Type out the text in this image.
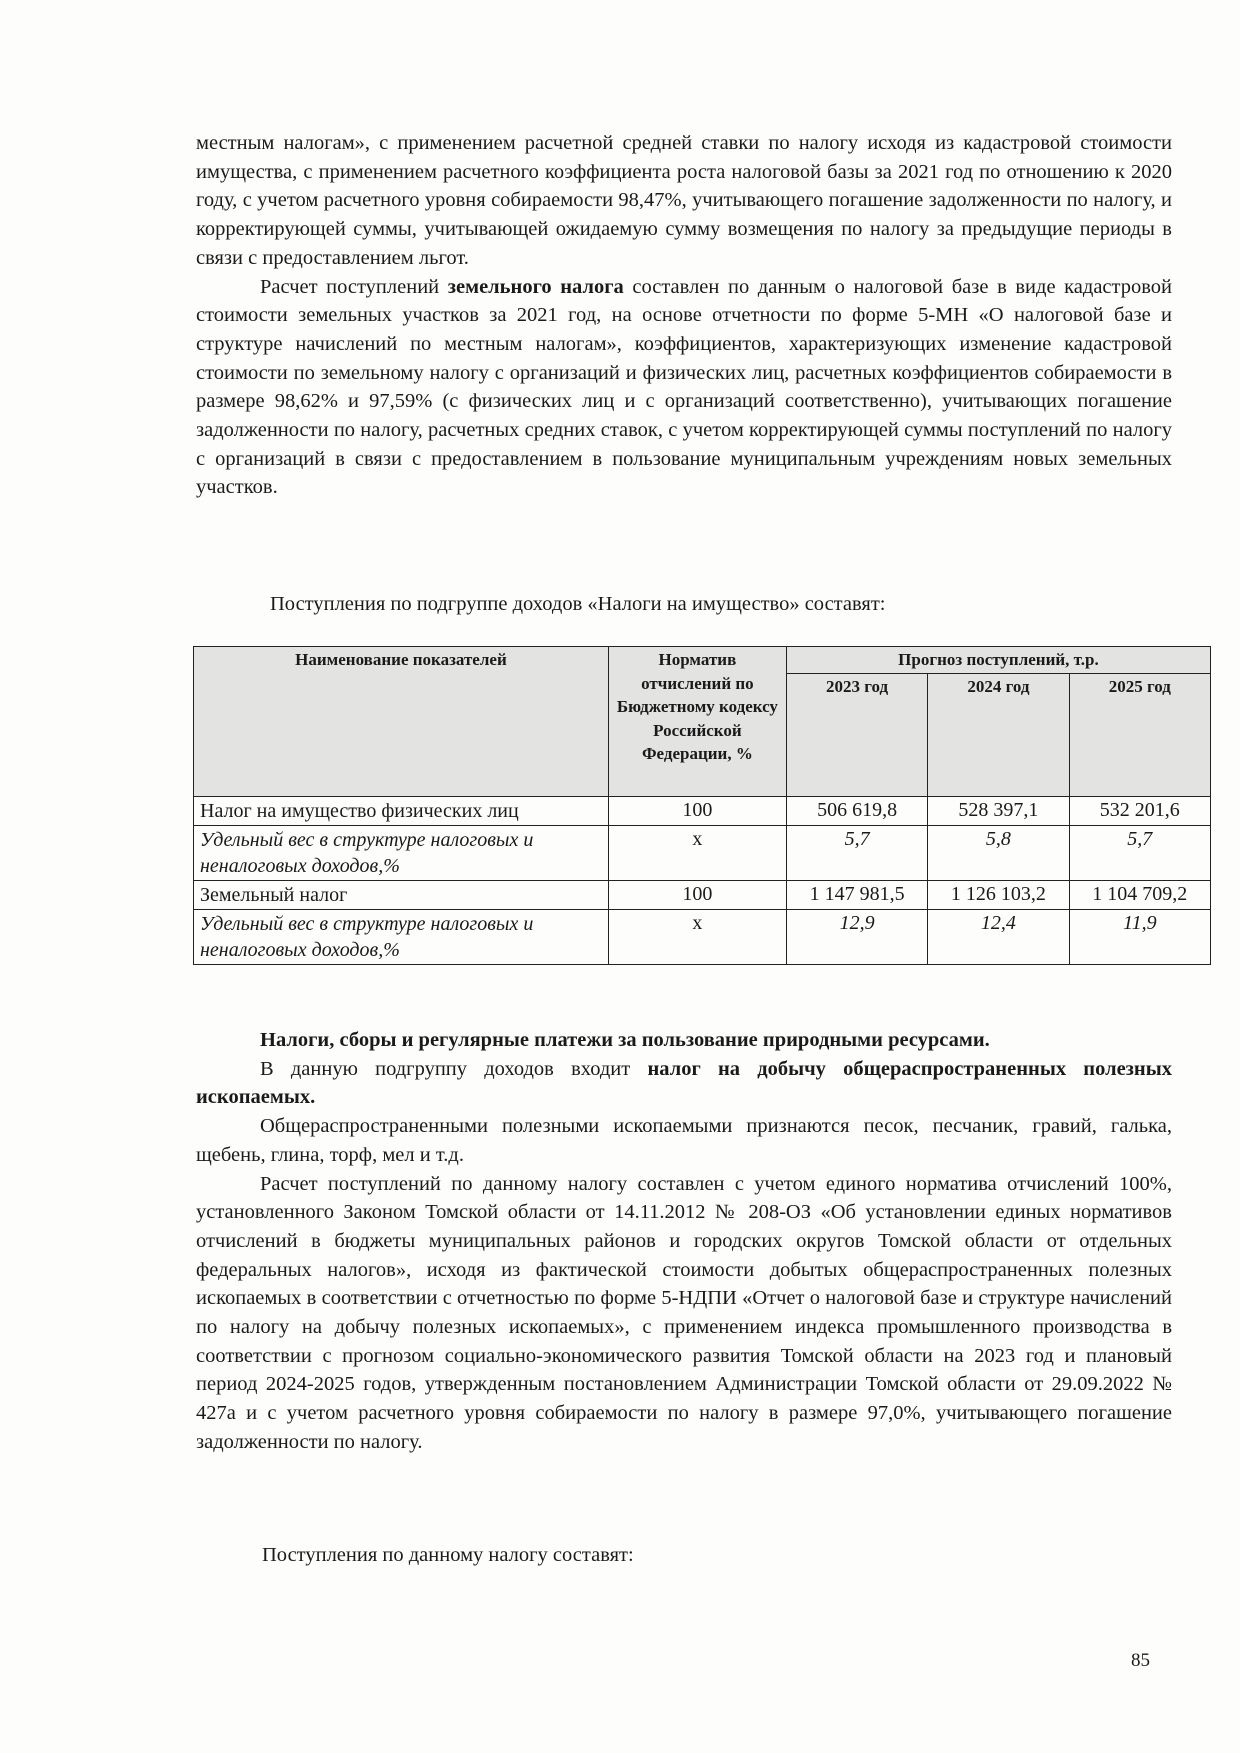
местным налогам», с применением расчетной средней ставки по налогу исходя из кадастровой стоимости имущества, с применением расчетного коэффициента роста налоговой базы за 2021 год по отношению к 2020 году, с учетом расчетного уровня собираемости 98,47%, учитывающего погашение задолженности по налогу, и корректирующей суммы, учитывающей ожидаемую сумму возмещения по налогу за предыдущие периоды в связи с предоставлением льгот.

Расчет поступлений земельного налога составлен по данным о налоговой базе в виде кадастровой стоимости земельных участков за 2021 год, на основе отчетности по форме 5-МН «О налоговой базе и структуре начислений по местным налогам», коэффициентов, характеризующих изменение кадастровой стоимости по земельному налогу с организаций и физических лиц, расчетных коэффициентов собираемости в размере 98,62% и 97,59% (с физических лиц и с организаций соответственно), учитывающих погашение задолженности по налогу, расчетных средних ставок, с учетом корректирующей суммы поступлений по налогу с организаций в связи с предоставлением в пользование муниципальным учреждениям новых земельных участков.

Поступления по подгруппе доходов «Налоги на имущество» составят:
Наименование показателей	Норматив отчислений по Бюджетному кодексу Российской Федерации, %	Прогноз поступлений, т.р.		
		2023 год	2024 год	2025 год
Налог на имущество физических лиц	100	506 619,8	528 397,1	532 201,6
Удельный вес в структуре налоговых и неналоговых доходов,%	х	5,7	5,8	5,7
Земельный налог	100	1 147 981,5	1 126 103,2	1 104 709,2
Удельный вес в структуре налоговых и неналоговых доходов,%	х	12,9	12,4	11,9

Налоги, сборы и регулярные платежи за пользование природными ресурсами.

В данную подгруппу доходов входит налог на добычу общераспространенных полезных ископаемых.

Общераспространенными полезными ископаемыми признаются песок, песчаник, гравий, галька, щебень, глина, торф, мел и т.д.

Расчет поступлений по данному налогу составлен с учетом единого норматива отчислений 100%, установленного Законом Томской области от 14.11.2012 № 208-ОЗ «Об установлении единых нормативов отчислений в бюджеты муниципальных районов и городских округов Томской области от отдельных федеральных налогов», исходя из фактической стоимости добытых общераспространенных полезных ископаемых в соответствии с отчетностью по форме 5-НДПИ «Отчет о налоговой базе и структуре начислений по налогу на добычу полезных ископаемых», с применением индекса промышленного производства в соответствии с прогнозом социально-экономического развития Томской области на 2023 год и плановый период 2024-2025 годов, утвержденным постановлением Администрации Томской области от 29.09.2022 № 427а и с учетом расчетного уровня собираемости по налогу в размере 97,0%, учитывающего погашение задолженности по налогу.

Поступления по данному налогу составят:
85
